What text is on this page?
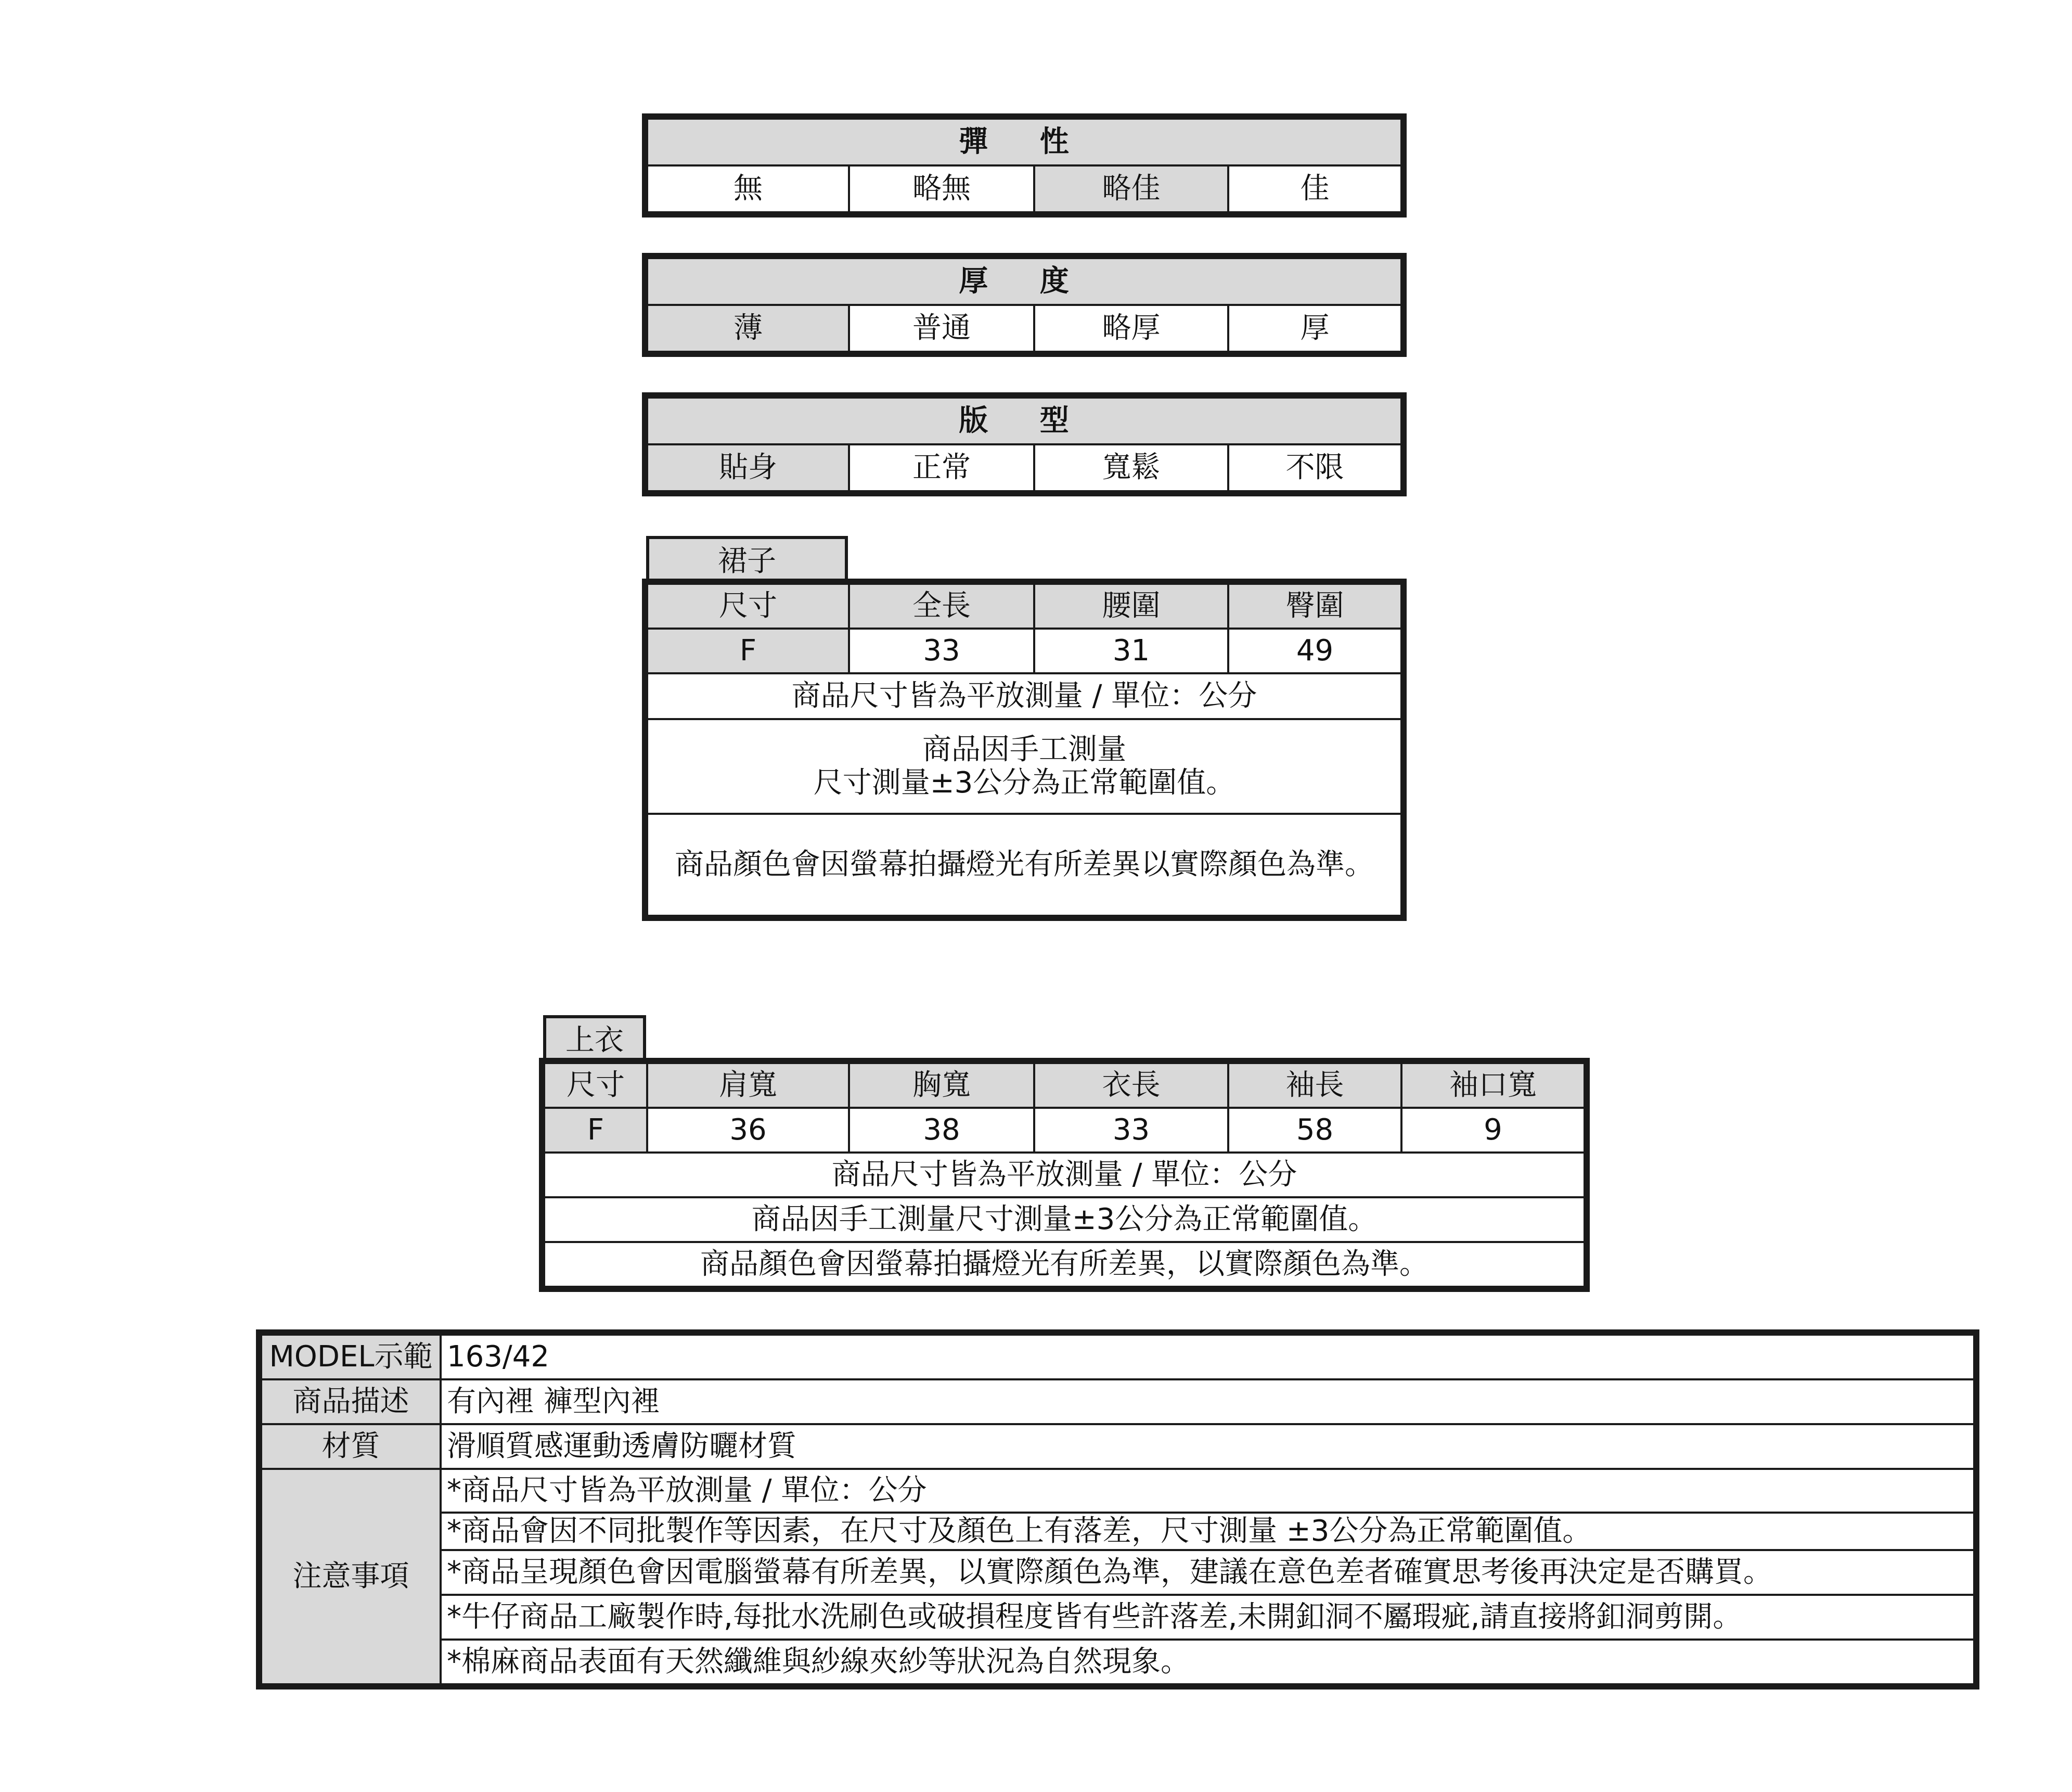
彈 性
無	略無	略佳	佳
厚 度
薄	普通	略厚	厚
版 型
貼身	正常	寬鬆	不限
裙子
尺寸	全長	腰圍	臀圍
F	33	31	49
商品尺寸皆為平放測量 / 單位：公分			

商品因手工測量
尺寸測量±3公分為正常範圍值。			

商品顏色會因螢幕拍攝燈光有所差異以實際顏色為準。			
上衣
尺寸	肩寬	胸寬	衣長	袖長	袖口寬
F	36	38	33	58	9
商品尺寸皆為平放測量 / 單位：公分					
商品因手工測量尺寸測量±3公分為正常範圍值。					
商品顏色會因螢幕拍攝燈光有所差異，以實際顏色為準。					
MODEL示範	163/42
商品描述	有內裡 褲型內裡
材質	滑順質感運動透膚防曬材質
注意事項	*商品尺寸皆為平放測量 / 單位：公分
	*商品會因不同批製作等因素，在尺寸及顏色上有落差，尺寸測量 ±3公分為正常範圍值。
	*商品呈現顏色會因電腦螢幕有所差異，以實際顏色為準，建議在意色差者確實思考後再決定是否購買。
	*牛仔商品工廠製作時,每批水洗刷色或破損程度皆有些許落差,未開釦洞不屬瑕疵,請直接將釦洞剪開。
	*棉麻商品表面有天然纖維與紗線夾紗等狀況為自然現象。
